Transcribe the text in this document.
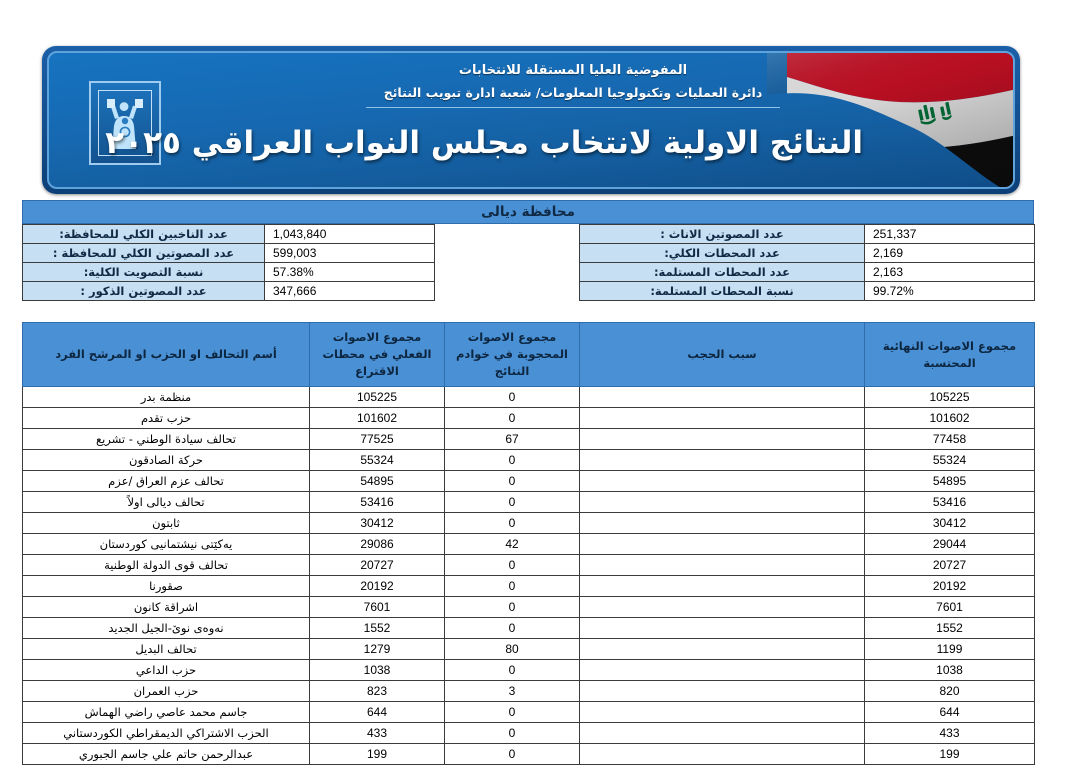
المفوضية العليا المستقلة للانتخابات
دائرة العمليات وتكنولوجيا المعلومات/ شعبة ادارة تبويب النتائج
النتائج الاولية لانتخاب مجلس النواب العراقي ٢٠٢٥
محافظة ديالى
251,337	عدد المصوتين الاناث :		1,043,840	عدد الناخبين الكلي للمحافظة:
2,169	عدد المحطات الكلي:		599,003	عدد المصوتين الكلي للمحافظة :
2,163	عدد المحطات المستلمة:		57.38%	نسبة التصويت الكلية:
99.72%	نسبة المحطات المستلمة:		347,666	عدد المصوتين الذكور :
مجموع الاصوات النهائية المحتسبة	سبب الحجب	مجموع الاصوات المحجوبة في خوادم النتائج	مجموع الاصوات الفعلي في محطات الاقتراع	أسم التحالف او الحزب او المرشح الفرد
105225		0	105225	منظمة بدر
101602		0	101602	حزب تقدم
77458		67	77525	تحالف سيادة الوطني - تشريع
55324		0	55324	حركة الصادقون
54895		0	54895	تحالف عزم العراق /عزم
53416		0	53416	تحالف ديالى اولاً
30412		0	30412	ثابتون
29044		42	29086	يەكێتى نيشتمانيى كوردستان
20727		0	20727	تحالف قوى الدولة الوطنية
20192		0	20192	صقورنا
7601		0	7601	اشراقة كانون
1552		0	1552	نەوەى نوێ-الجيل الجديد
1199		80	1279	تحالف البديل
1038		0	1038	حزب الداعي
820		3	823	حزب العمران
644		0	644	جاسم محمد عاصي راضي الهماش
433		0	433	الحزب الاشتراكي الديمقراطي الكوردستاني
199		0	199	عبدالرحمن حاتم علي جاسم الجبوري
